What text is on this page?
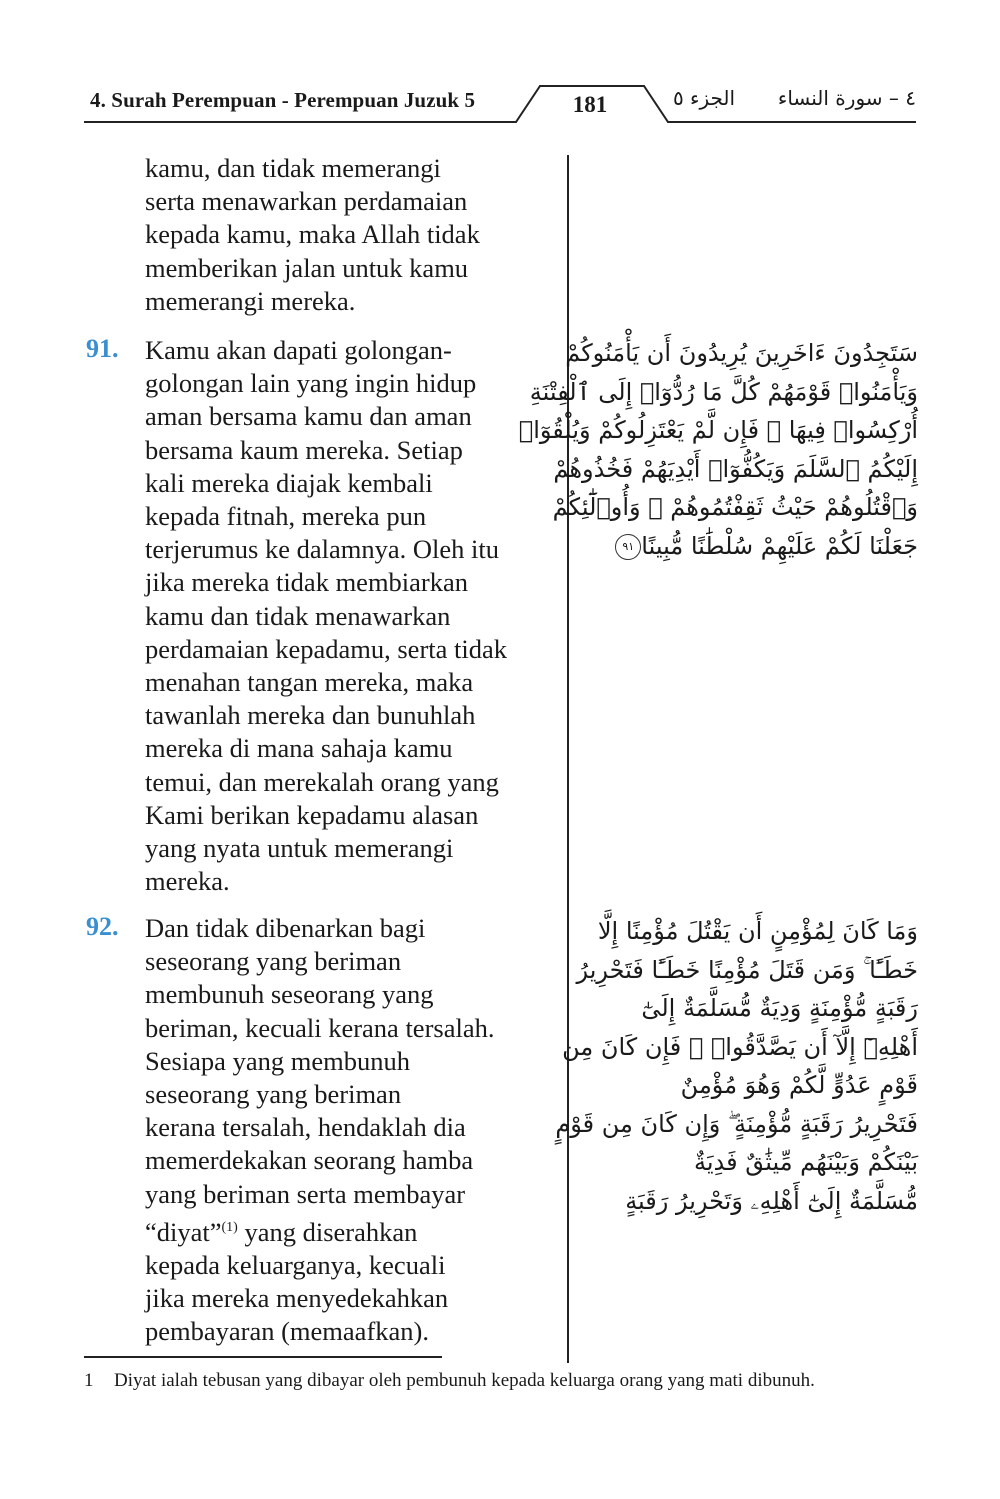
4. Surah Perempuan - Perempuan Juzuk 5	181	الجزء ٥	٤ – سورة النساء
kamu, dan tidak memerangi
serta menawarkan perdamaian
kepada kamu, maka Allah tidak
memberikan jalan untuk kamu
memerangi mereka.
91. Kamu akan dapati golongan-
golongan lain yang ingin hidup
aman bersama kamu dan aman
bersama kaum mereka. Setiap
kali mereka diajak kembali
kepada fitnah, mereka pun
terjerumus ke dalamnya. Oleh itu
jika mereka tidak membiarkan
kamu dan tidak menawarkan
perdamaian kepadamu, serta tidak
menahan tangan mereka, maka
tawanlah mereka dan bunuhlah
mereka di mana sahaja kamu
temui, dan merekalah orang yang
Kami berikan kepadamu alasan
yang nyata untuk memerangi
mereka.
سَتَجِدُونَ ءَاخَرِينَ يُرِيدُونَ أَن يَأْمَنُوكُمْ
وَيَأْمَنُوا۟ قَوْمَهُمْ كُلَّ مَا رُدُّوٓا۟ إِلَى ٱلْفِتْنَةِ
أُرْكِسُوا۟ فِيهَا ۚ فَإِن لَّمْ يَعْتَزِلُوكُمْ وَيُلْقُوٓا۟
إِلَيْكُمُ ٱلسَّلَمَ وَيَكُفُّوٓا۟ أَيْدِيَهُمْ فَخُذُوهُمْ
وَٱقْتُلُوهُمْ حَيْثُ ثَقِفْتُمُوهُمْ ۚ وَأُو۟لَٰٓئِكُمْ
جَعَلْنَا لَكُمْ عَلَيْهِمْ سُلْطَٰنًا مُّبِينًا٩١
92. Dan tidak dibenarkan bagi
seseorang yang beriman
membunuh seseorang yang
beriman, kecuali kerana tersalah.
Sesiapa yang membunuh
seseorang yang beriman
kerana tersalah, hendaklah dia
memerdekakan seorang hamba
yang beriman serta membayar
“diyat”$^{(1)}$ yang diserahkan
kepada keluarganya, kecuali
jika mereka menyedekahkan
pembayaran (memaafkan).
وَمَا كَانَ لِمُؤْمِنٍ أَن يَقْتُلَ مُؤْمِنًا إِلَّا
خَطَـًٔا ۚ وَمَن قَتَلَ مُؤْمِنًا خَطَـًٔا فَتَحْرِيرُ
رَقَبَةٍ مُّؤْمِنَةٍ وَدِيَةٌ مُّسَلَّمَةٌ إِلَىٰٓ
أَهْلِهِۦٓ إِلَّآ أَن يَصَّدَّقُوا۟ ۚ فَإِن كَانَ مِن
قَوْمٍ عَدُوٍّ لَّكُمْ وَهُوَ مُؤْمِنٌ
فَتَحْرِيرُ رَقَبَةٍ مُّؤْمِنَةٍ ۖ وَإِن كَانَ مِن قَوْمٍ
بَيْنَكُمْ وَبَيْنَهُم مِّيثَٰقٌ فَدِيَةٌ
مُّسَلَّمَةٌ إِلَىٰٓ أَهْلِهِۦ وَتَحْرِيرُ رَقَبَةٍ
1	Diyat ialah tebusan yang dibayar oleh pembunuh kepada keluarga orang yang mati dibunuh.
